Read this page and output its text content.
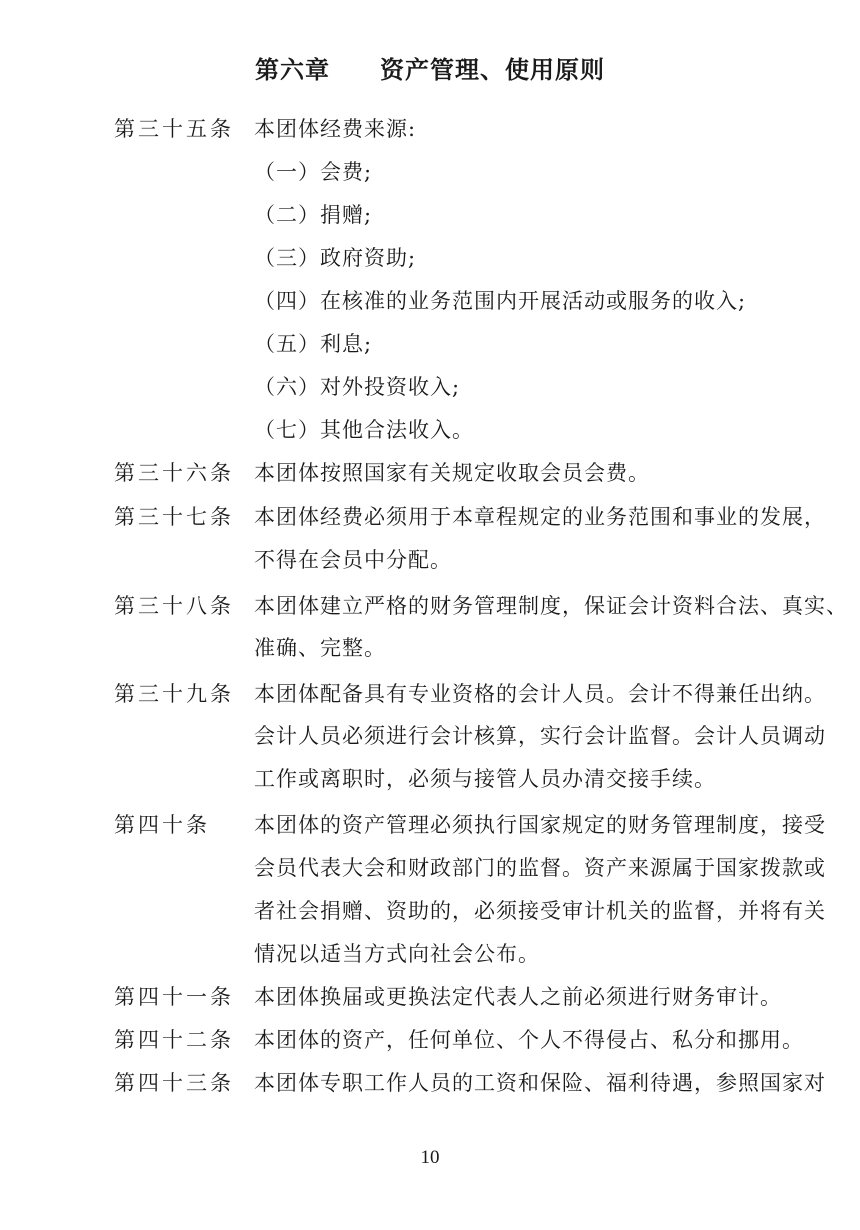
第六章 资产管理、使用原则
第三十五条 本团体经费来源:
（一）会费;
（二）捐赠;
（三）政府资助;
（四）在核准的业务范围内开展活动或服务的收入;
（五）利息;
（六）对外投资收入;
（七）其他合法收入。
第三十六条 本团体按照国家有关规定收取会员会费。
第三十七条 本团体经费必须用于本章程规定的业务范围和事业的发展，
不得在会员中分配。
第三十八条 本团体建立严格的财务管理制度，保证会计资料合法、真实、
准确、完整。
第三十九条 本团体配备具有专业资格的会计人员。会计不得兼任出纳。
会计人员必须进行会计核算，实行会计监督。会计人员调动
工作或离职时，必须与接管人员办清交接手续。
第四十条 本团体的资产管理必须执行国家规定的财务管理制度，接受
会员代表大会和财政部门的监督。资产来源属于国家拨款或
者社会捐赠、资助的，必须接受审计机关的监督，并将有关
情况以适当方式向社会公布。
第四十一条 本团体换届或更换法定代表人之前必须进行财务审计。
第四十二条 本团体的资产，任何单位、个人不得侵占、私分和挪用。
第四十三条 本团体专职工作人员的工资和保险、福利待遇，参照国家对
10
